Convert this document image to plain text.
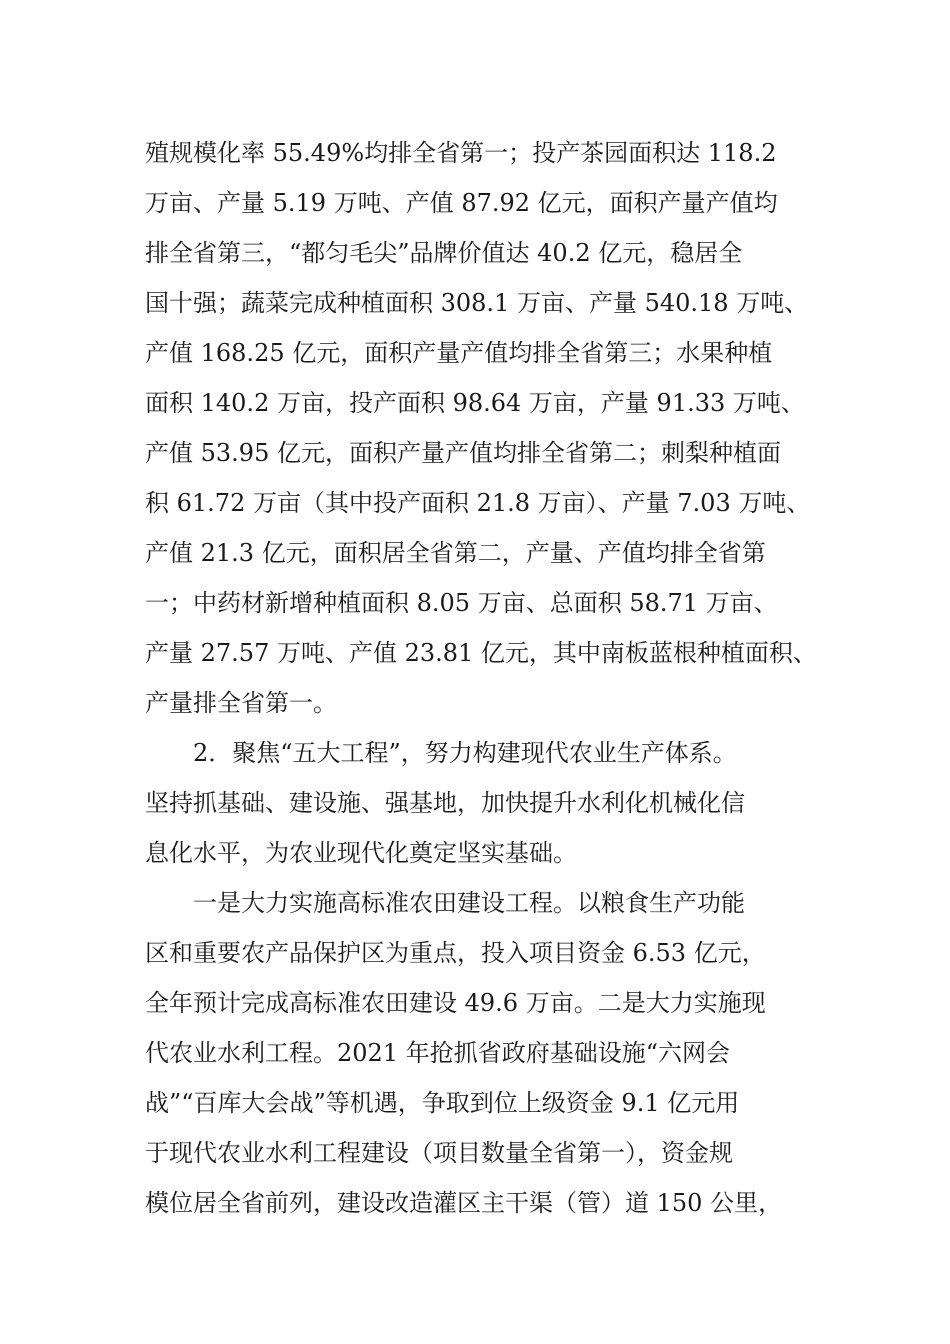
殖规模化率 55.49%均排全省第一；投产茶园面积达 118.2
万亩、产量 5.19 万吨、产值 87.92 亿元，面积产量产值均
排全省第三，“都匀毛尖”品牌价值达 40.2 亿元，稳居全
国十强；蔬菜完成种植面积 308.1 万亩、产量 540.18 万吨、
产值 168.25 亿元，面积产量产值均排全省第三；水果种植
面积 140.2 万亩，投产面积 98.64 万亩，产量 91.33 万吨、
产值 53.95 亿元，面积产量产值均排全省第二；刺梨种植面
积 61.72 万亩（其中投产面积 21.8 万亩）、产量 7.03 万吨、
产值 21.3 亿元，面积居全省第二，产量、产值均排全省第
一；中药材新增种植面积 8.05 万亩、总面积 58.71 万亩、
产量 27.57 万吨、产值 23.81 亿元，其中南板蓝根种植面积、
产量排全省第一。
2．聚焦“五大工程”，努力构建现代农业生产体系。
坚持抓基础、建设施、强基地，加快提升水利化机械化信
息化水平，为农业现代化奠定坚实基础。
一是大力实施高标准农田建设工程。以粮食生产功能
区和重要农产品保护区为重点，投入项目资金 6.53 亿元，
全年预计完成高标准农田建设 49.6 万亩。二是大力实施现
代农业水利工程。2021 年抢抓省政府基础设施“六网会
战”“百库大会战”等机遇，争取到位上级资金 9.1 亿元用
于现代农业水利工程建设（项目数量全省第一），资金规
模位居全省前列，建设改造灌区主干渠（管）道 150 公里，
